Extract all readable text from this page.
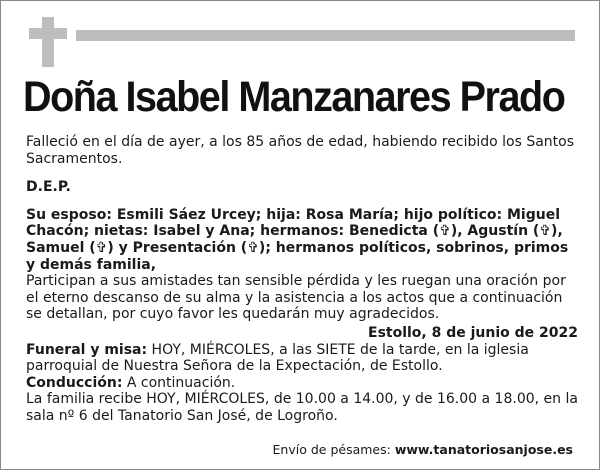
Doña Isabel Manzanares Prado

Falleció en el día de ayer, a los 85 años de edad, habiendo recibido los Santos Sacramentos.

D.E.P.

Su esposo: Esmili Sáez Urcey; hija: Rosa María; hijo político: Miguel Chacón; nietas: Isabel y Ana; hermanos: Benedicta (✞), Agustín (✞), Samuel (✞) y Presentación (✞); hermanos políticos, sobrinos, primos y demás familia,

Participan a sus amistades tan sensible pérdida y les ruegan una oración por el eterno descanso de su alma y la asistencia a los actos que a continuación se detallan, por cuyo favor les quedarán muy agradecidos.

Estollo, 8 de junio de 2022

Funeral y misa: HOY, MIÉRCOLES, a las SIETE de la tarde, en la iglesia parroquial de Nuestra Señora de la Expectación, de Estollo.

Conducción: A continuación.

La familia recibe HOY, MIÉRCOLES, de 10.00 a 14.00, y de 16.00 a 18.00, en la sala nº 6 del Tanatorio San José, de Logroño.

Envío de pésames: www.tanatoriosanjose.es
